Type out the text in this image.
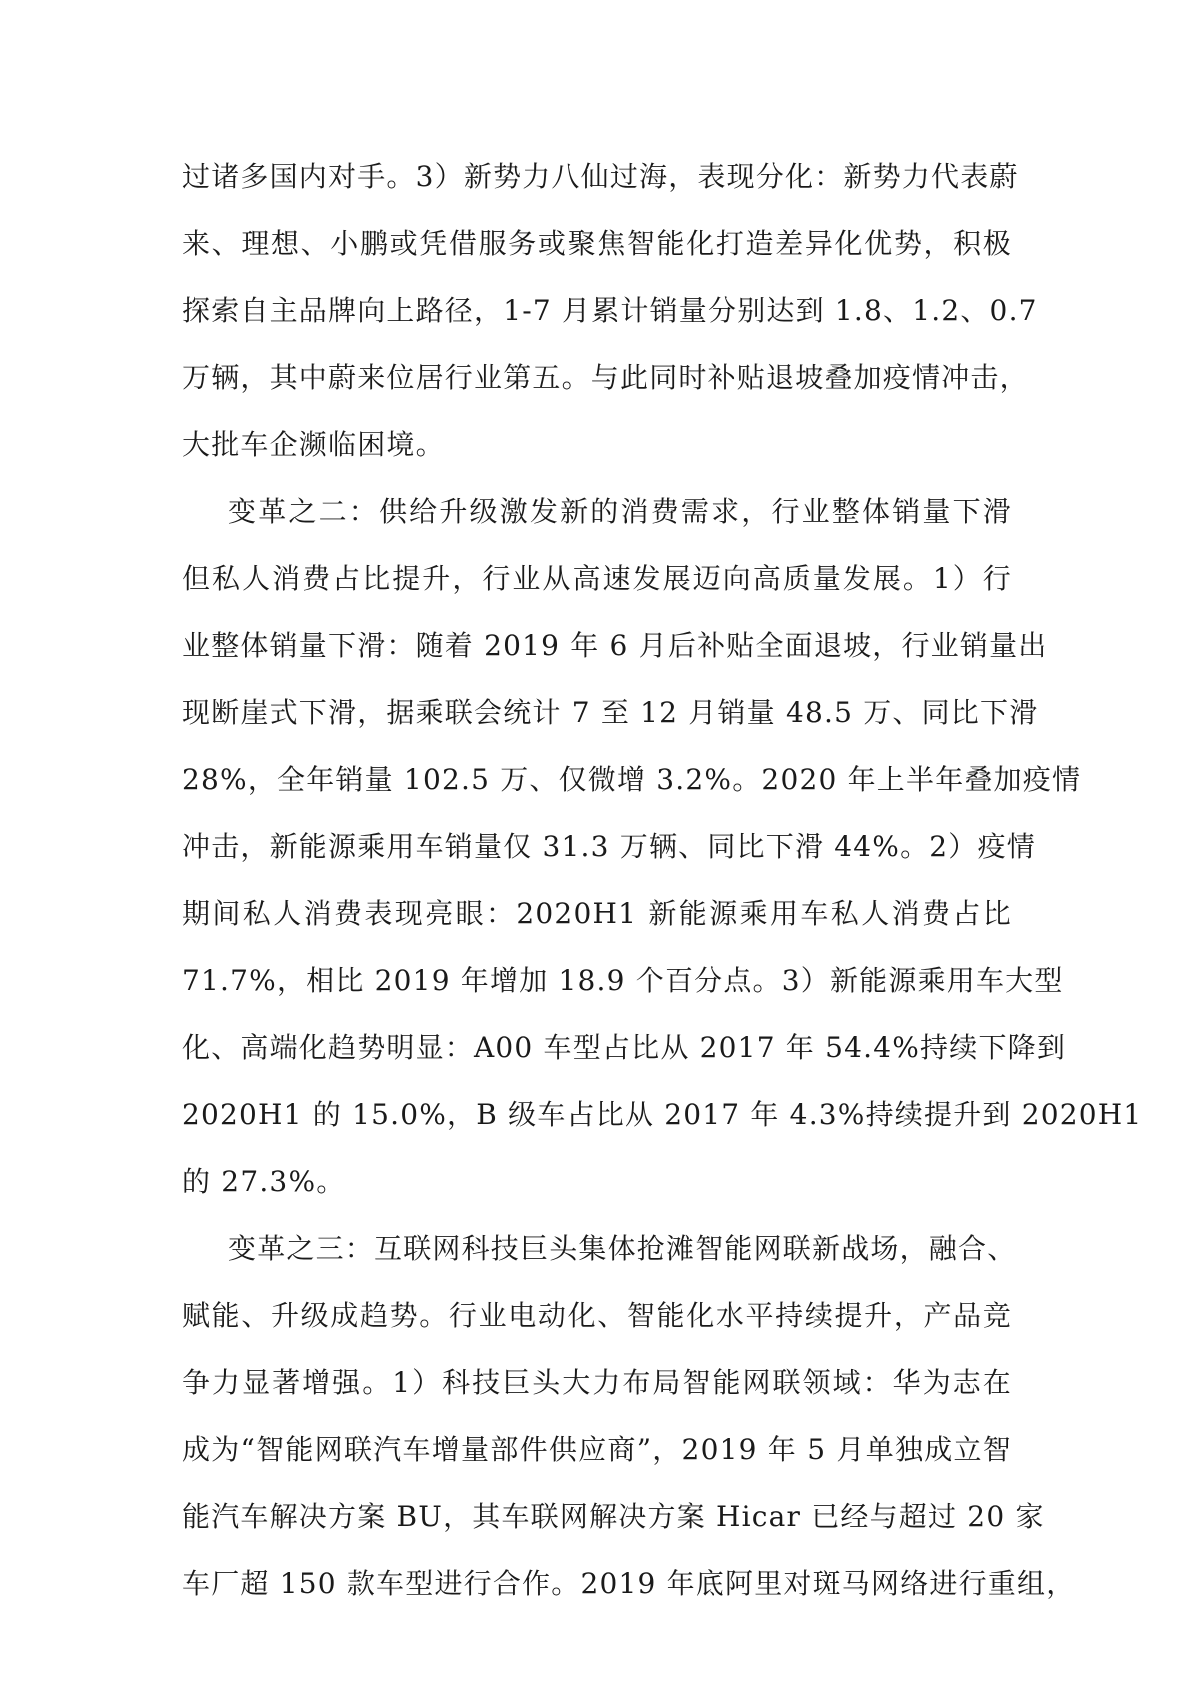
过诸多国内对手。3）新势力八仙过海，表现分化：新势力代表蔚
来、理想、小鹏或凭借服务或聚焦智能化打造差异化优势，积极
探索自主品牌向上路径，1-7 月累计销量分别达到 1.8、1.2、0.7
万辆，其中蔚来位居行业第五。与此同时补贴退坡叠加疫情冲击，
大批车企濒临困境。
变革之二：供给升级激发新的消费需求，行业整体销量下滑
但私人消费占比提升，行业从高速发展迈向高质量发展。1）行
业整体销量下滑：随着 2019 年 6 月后补贴全面退坡，行业销量出
现断崖式下滑，据乘联会统计 7 至 12 月销量 48.5 万、同比下滑
28%，全年销量 102.5 万、仅微增 3.2%。2020 年上半年叠加疫情
冲击，新能源乘用车销量仅 31.3 万辆、同比下滑 44%。2）疫情
期间私人消费表现亮眼：2020H1 新能源乘用车私人消费占比
71.7%，相比 2019 年增加 18.9 个百分点。3）新能源乘用车大型
化、高端化趋势明显：A00 车型占比从 2017 年 54.4%持续下降到
2020H1 的 15.0%，B 级车占比从 2017 年 4.3%持续提升到 2020H1
的 27.3%。
变革之三：互联网科技巨头集体抢滩智能网联新战场，融合、
赋能、升级成趋势。行业电动化、智能化水平持续提升，产品竞
争力显著增强。1）科技巨头大力布局智能网联领域：华为志在
成为“智能网联汽车增量部件供应商”，2019 年 5 月单独成立智
能汽车解决方案 BU，其车联网解决方案 Hicar 已经与超过 20 家
车厂超 150 款车型进行合作。2019 年底阿里对斑马网络进行重组，
